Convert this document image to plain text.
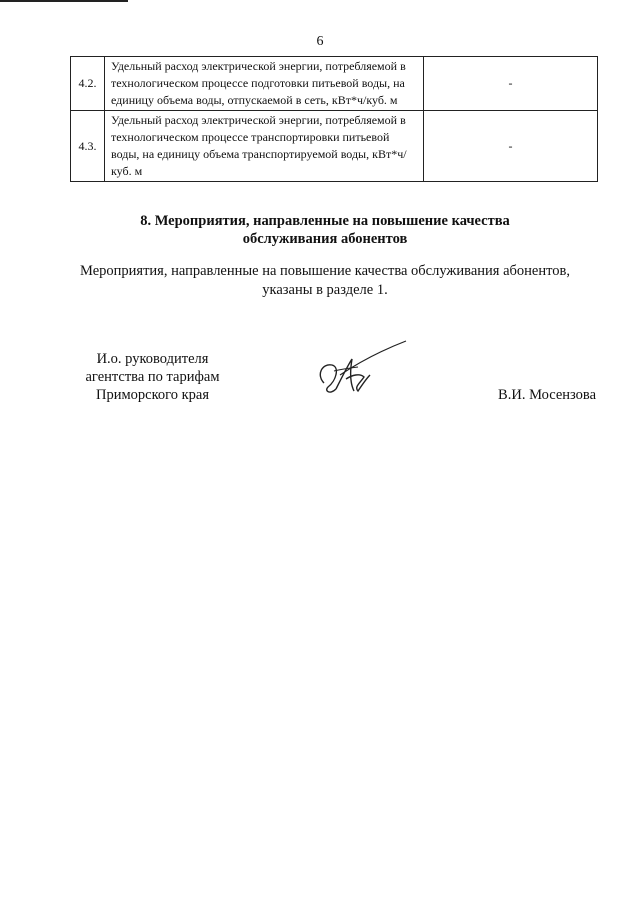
6
4.2.	Удельный расход электрической энергии, потребляемой в технологическом процессе подготовки питьевой воды, на единицу объема воды, отпускаемой в сеть, кВт*ч/куб. м	-
4.3.	Удельный расход электрической энергии, потребляемой в технологическом процессе транспортировки питьевой воды, на единицу объема транспортируемой воды, кВт*ч/куб. м	-
8. Мероприятия, направленные на повышение качества
обслуживания абонентов
Мероприятия, направленные на повышение качества обслуживания абонентов,
указаны в разделе 1.
И.о. руководителя
агентства по тарифам
Приморского края	В.И. Мосензова
